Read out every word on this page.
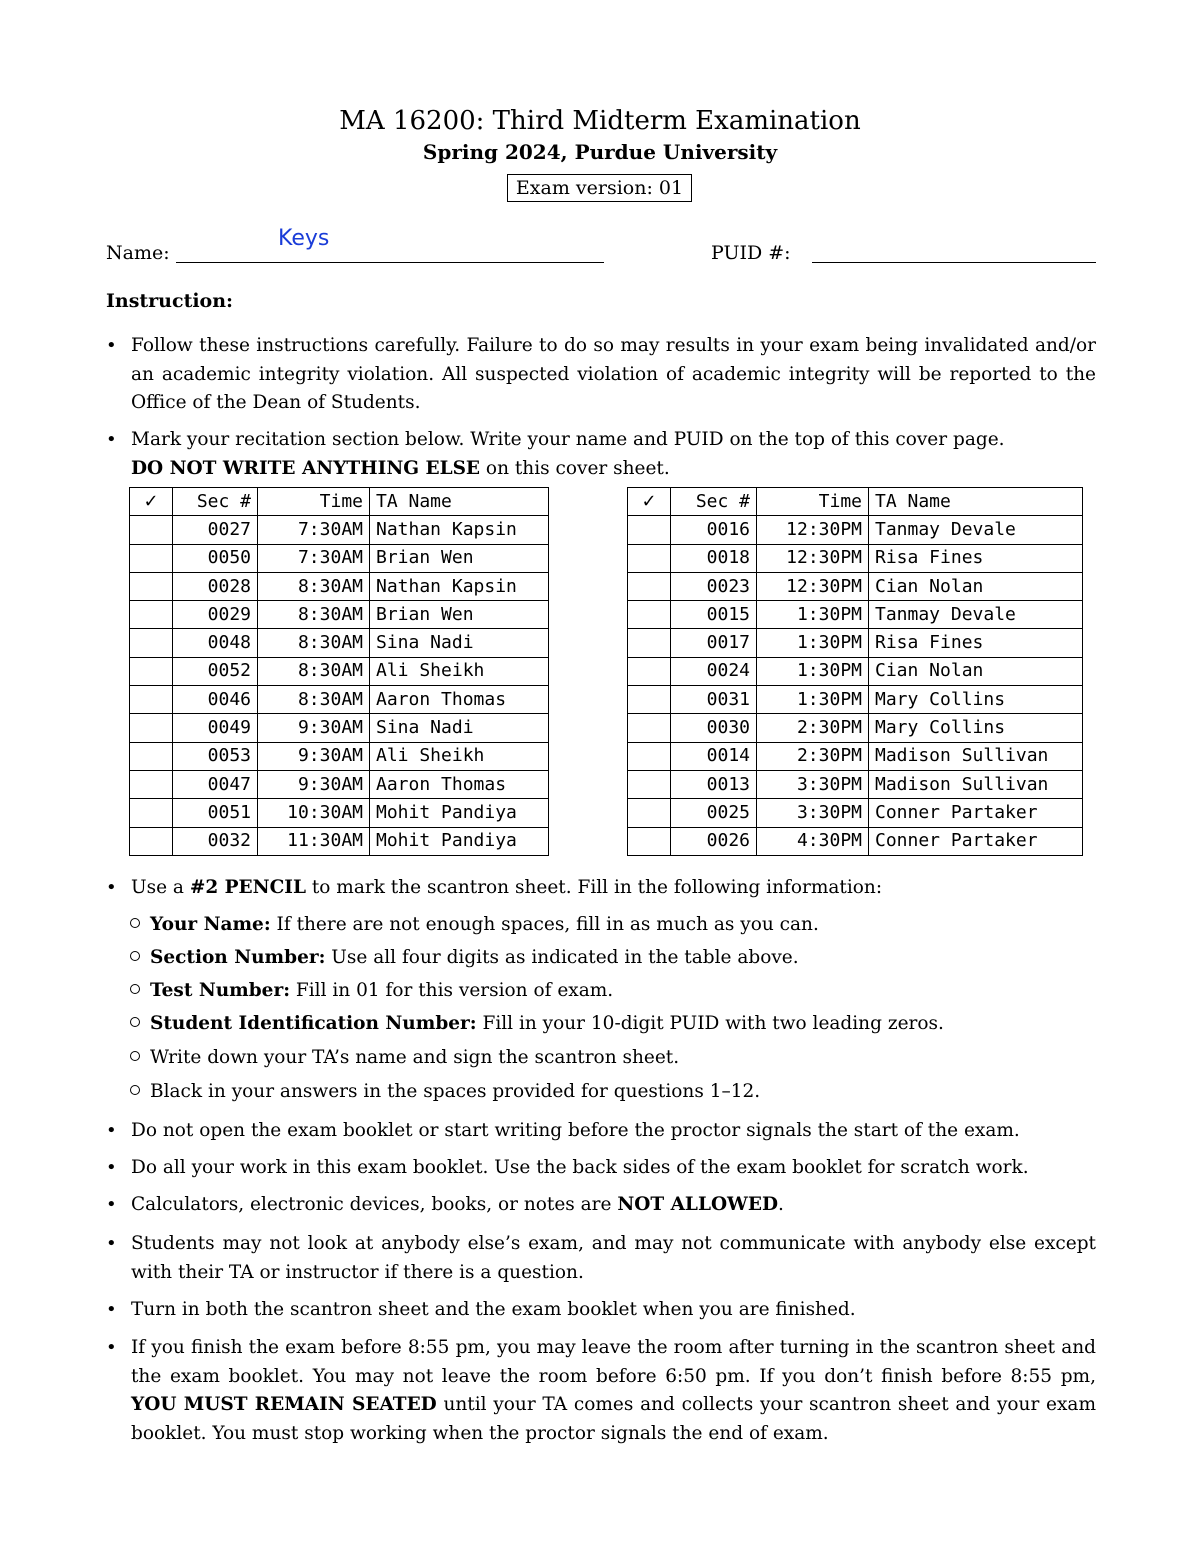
MA 16200: Third Midterm Examination
Spring 2024, Purdue University
Exam version: 01
Name:
Keys
PUID #:
Instruction:
• Follow these instructions carefully. Failure to do so may results in your exam being invalidated and/or an academic integrity violation. All suspected violation of academic integrity will be reported to the Office of the Dean of Students.
• Mark your recitation section below. Write your name and PUID on the top of this cover page.
DO NOT WRITE ANYTHING ELSE on this cover sheet.
✓	Sec #	Time	TA Name
	0027	7:30AM	Nathan Kapsin
	0050	7:30AM	Brian Wen
	0028	8:30AM	Nathan Kapsin
	0029	8:30AM	Brian Wen
	0048	8:30AM	Sina Nadi
	0052	8:30AM	Ali Sheikh
	0046	8:30AM	Aaron Thomas
	0049	9:30AM	Sina Nadi
	0053	9:30AM	Ali Sheikh
	0047	9:30AM	Aaron Thomas
	0051	10:30AM	Mohit Pandiya
	0032	11:30AM	Mohit Pandiya
✓	Sec #	Time	TA Name
	0016	12:30PM	Tanmay Devale
	0018	12:30PM	Risa Fines
	0023	12:30PM	Cian Nolan
	0015	1:30PM	Tanmay Devale
	0017	1:30PM	Risa Fines
	0024	1:30PM	Cian Nolan
	0031	1:30PM	Mary Collins
	0030	2:30PM	Mary Collins
	0014	2:30PM	Madison Sullivan
	0013	3:30PM	Madison Sullivan
	0025	3:30PM	Conner Partaker
	0026	4:30PM	Conner Partaker
• Use a #2 PENCIL to mark the scantron sheet. Fill in the following information:
Your Name: If there are not enough spaces, fill in as much as you can.
Section Number: Use all four digits as indicated in the table above.
Test Number: Fill in 01 for this version of exam.
Student Identification Number: Fill in your 10-digit PUID with two leading zeros.
Write down your TA’s name and sign the scantron sheet.
Black in your answers in the spaces provided for questions 1–12.
• Do not open the exam booklet or start writing before the proctor signals the start of the exam.
• Do all your work in this exam booklet. Use the back sides of the exam booklet for scratch work.
• Calculators, electronic devices, books, or notes are NOT ALLOWED.
• Students may not look at anybody else’s exam, and may not communicate with anybody else except with their TA or instructor if there is a question.
• Turn in both the scantron sheet and the exam booklet when you are finished.
• If you finish the exam before 8:55 pm, you may leave the room after turning in the scantron sheet and the exam booklet. You may not leave the room before 6:50 pm. If you don’t finish before 8:55 pm, YOU MUST REMAIN SEATED until your TA comes and collects your scantron sheet and your exam booklet. You must stop working when the proctor signals the end of exam.
